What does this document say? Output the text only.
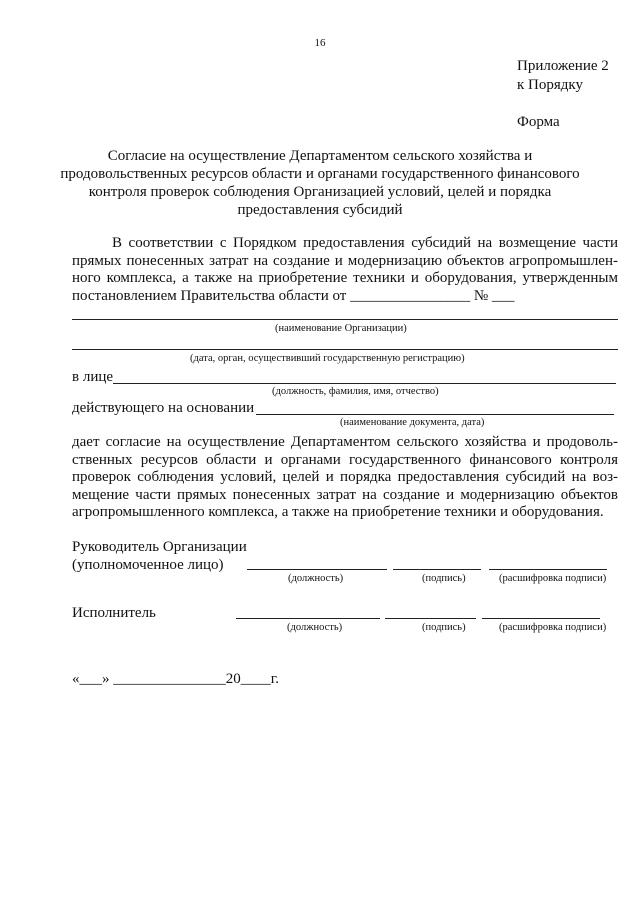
16
Приложение 2
к Порядку
Форма
Согласие на осуществление Департаментом сельского хозяйства и продовольственных ресурсов области и органами государственного финансового контроля проверок соблюдения Организацией условий, целей и порядка предоставления субсидий
В соответствии с Порядком предоставления субсидий на возмещение части
прямых понесенных затрат на создание и модернизацию объектов агропромышлен-
ного комплекса, а также на приобретение техники и оборудования, утвержденным
постановлением Правительства области от ________________ № ___
(наименование Организации)
(дата, орган, осуществивший государственную регистрацию)
в лице
(должность, фамилия, имя, отчество)
действующего на основании
(наименование документа, дата)
дает согласие на осуществление Департаментом сельского хозяйства и продоволь-
ственных ресурсов области и органами государственного финансового контроля
проверок соблюдения условий, целей и порядка предоставления субсидий на воз-
мещение части прямых понесенных затрат на создание и модернизацию объектов
агропромышленного комплекса, а также на приобретение техники и оборудования.
Руководитель Организации
(уполномоченное лицо)
(должность)	(подпись)	(расшифровка подписи)
Исполнитель
(должность)	(подпись)	(расшифровка подписи)
«___» _______________20____г.
